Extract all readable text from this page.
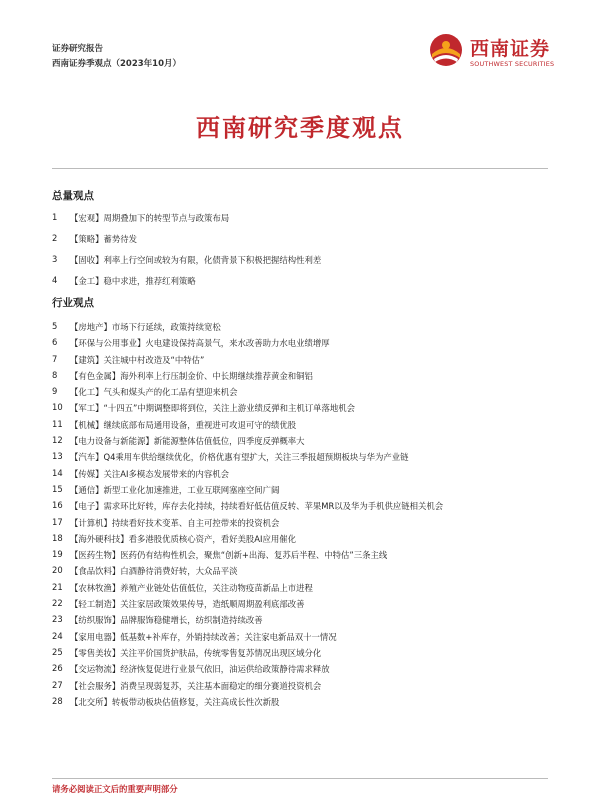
证券研究报告
西南证券季观点（2023年10月）
西南证券
SOUTHWEST SECURITIES
西南研究季度观点
总量观点
1	【宏观】周期叠加下的转型节点与政策布局
2	【策略】蓄势待发
3	【固收】利率上行空间或较为有限，化债背景下积极把握结构性利差
4	【金工】稳中求进，推荐红利策略
行业观点
5	【房地产】市场下行延续，政策持续宽松
6	【环保与公用事业】火电建设保持高景气，来水改善助力水电业绩增厚
7	【建筑】关注城中村改造及“中特估”
8	【有色金属】海外利率上行压制金价、中长期继续推荐黄金和铜铝
9	【化工】气头和煤头产的化工品有望迎来机会
10 【军工】“十四五”中期调整即将到位，关注上游业绩反弹和主机订单落地机会
11 【机械】继续底部布局通用设备，重视进可攻退可守的绩优股
12 【电力设备与新能源】新能源整体估值低位，四季度反弹概率大
13 【汽车】Q4乘用车供给继续优化，价格优惠有望扩大，关注三季报超预期板块与华为产业链
14 【传媒】关注AI多模态发展带来的内容机会
15 【通信】新型工业化加速推进，工业互联网塞座空间广阔
16 【电子】需求环比好转，库存去化持续，持续看好低估值反转、苹果MR以及华为手机供应链相关机会
17 【计算机】持续看好技术变革、自主可控带来的投资机会
18 【海外硬科技】看多港股优质核心资产，看好美股AI应用催化
19 【医药生物】医药仍有结构性机会，聚焦“创新+出海、复苏后半程、中特估”三条主线
20 【食品饮料】白酒静待消费好转，大众品平淡
21 【农林牧渔】养殖产业链处估值低位，关注动物疫苗新品上市进程
22 【轻工制造】关注家居政策效果传导，造纸顺周期盈利底部改善
23 【纺织服饰】品牌服饰稳健增长，纺织制造持续改善
24 【家用电器】低基数+补库存，外销持续改善；关注家电新品双十一情况
25 【零售美妆】关注平价国货护肤品，传统零售复苏情况出现区域分化
26 【交运物流】经济恢复促进行业景气依旧，油运供给政策静待需求释放
27 【社会服务】消费呈现弱复苏，关注基本面稳定的细分赛道投资机会
28 【北交所】转板带动板块估值修复，关注高成长性次新股
请务必阅读正文后的重要声明部分
